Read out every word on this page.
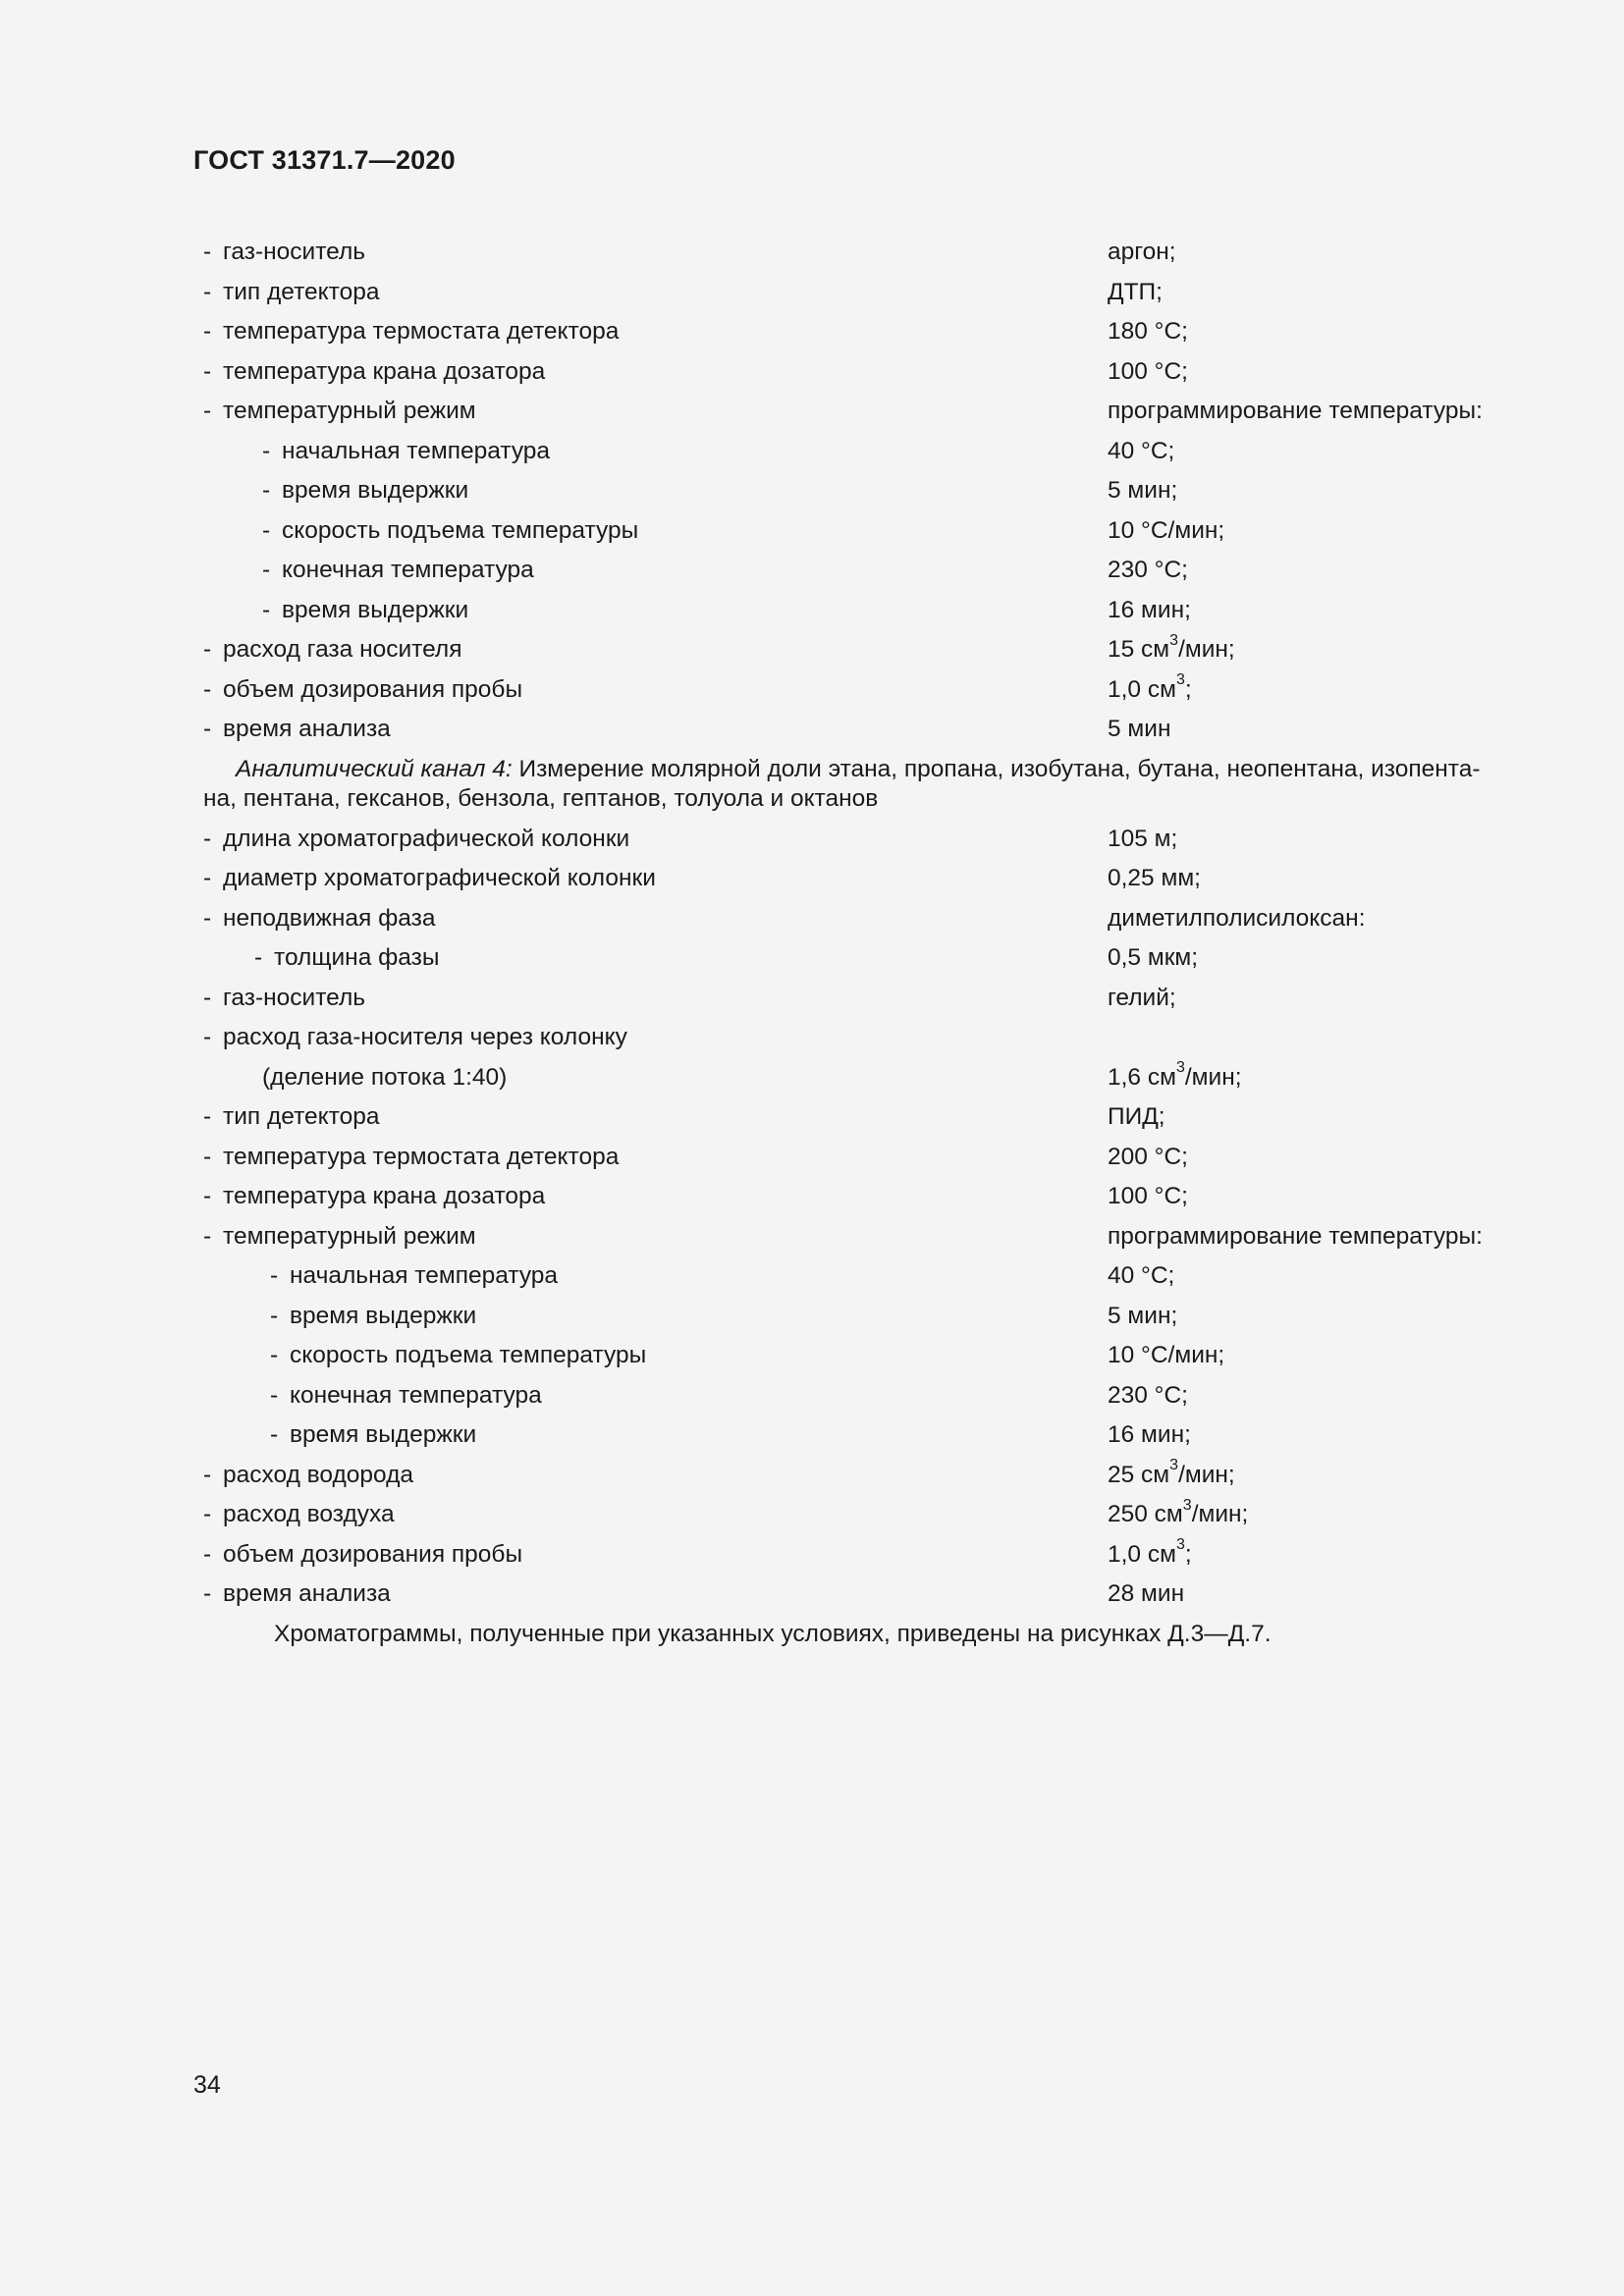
ГОСТ 31371.7—2020
- газ-носитель	аргон;
- тип детектора	ДТП;
- температура термостата детектора	180 °С;
- температура крана дозатора	100 °С;
- температурный режим	программирование температуры:
- начальная температура	40 °С;
- время выдержки	5 мин;
- скорость подъема температуры	10 °С/мин;
- конечная температура	230 °С;
- время выдержки	16 мин;
- расход газа носителя	15 $см^3$/мин;
- объем дозирования пробы	1,0 $см^3$;
- время анализа	5 мин
Аналитический канал 4: Измерение молярной доли этана, пропана, изобутана, бутана, неопентана, изопента-
на, пентана, гексанов, бензола, гептанов, толуола и октанов
- длина хроматографической колонки	105 м;
- диаметр хроматографической колонки	0,25 мм;
- неподвижная фаза	диметилполисилоксан:
- толщина фазы	0,5 мкм;
- газ-носитель	гелий;
- расход газа-носителя через колонку
(деление потока 1:40)	1,6 $см^3$/мин;
- тип детектора	ПИД;
- температура термостата детектора	200 °С;
- температура крана дозатора	100 °С;
- температурный режим	программирование температуры:
- начальная температура	40 °С;
- время выдержки	5 мин;
- скорость подъема температуры	10 °С/мин;
- конечная температура	230 °С;
- время выдержки	16 мин;
- расход водорода	25 $см^3$/мин;
- расход воздуха	250 $см^3$/мин;
- объем дозирования пробы	1,0 $см^3$;
- время анализа	28 мин
Хроматограммы, полученные при указанных условиях, приведены на рисунках Д.3—Д.7.
34
